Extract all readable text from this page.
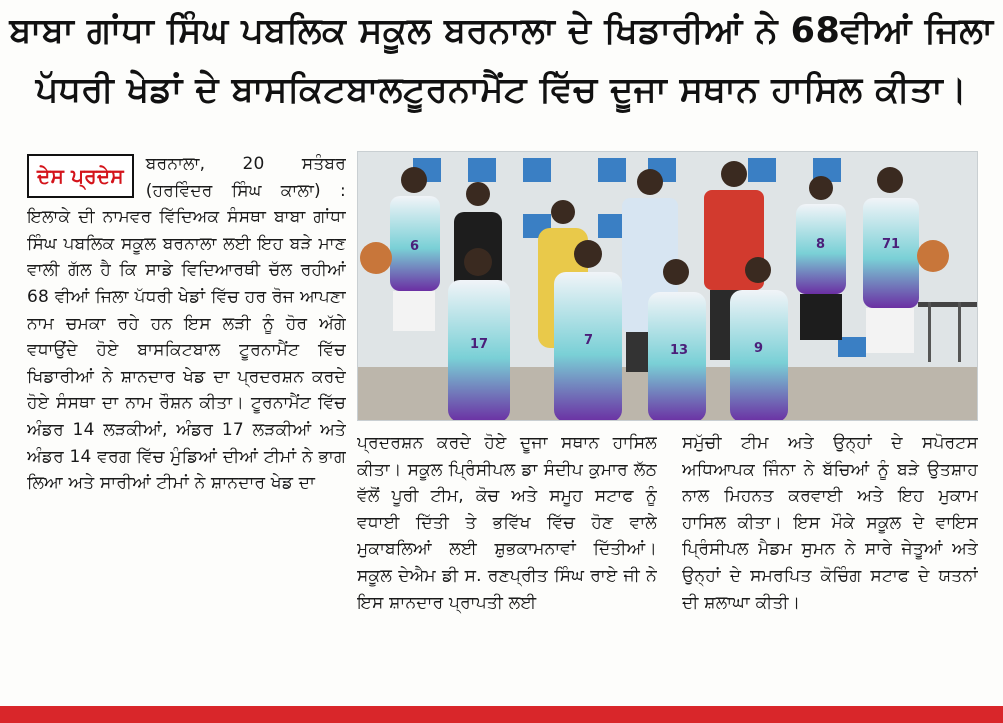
ਬਾਬਾ ਗਾਂਧਾ ਸਿੰਘ ਪਬਲਿਕ ਸਕੂਲ ਬਰਨਾਲਾ ਦੇ ਖਿਡਾਰੀਆਂ ਨੇ 68ਵੀਆਂ ਜਿਲਾ
ਪੱਧਰੀ ਖੇਡਾਂ ਦੇ ਬਾਸਕਿਟਬਾਲਟੂਰਨਾਮੈਂਟ ਵਿੱਚ ਦੂਜਾ ਸਥਾਨ ਹਾਸਿਲ ਕੀਤਾ।
ਦੇਸ ਪ੍ਰਦੇਸ	ਬਰਨਾਲਾ, 20 ਸਤੰਬਰ (ਹਰਵਿੰਦਰ ਸਿੰਘ ਕਾਲਾ) : ਇਲਾਕੇ ਦੀ ਨਾਮਵਰ ਵਿੱਦਿਅਕ ਸੰਸਥਾ ਬਾਬਾ ਗਾਂਧਾ ਸਿੰਘ ਪਬਲਿਕ ਸਕੂਲ ਬਰਨਾਲਾ ਲਈ ਇਹ ਬੜੇ ਮਾਣ ਵਾਲੀ ਗੱਲ ਹੈ ਕਿ ਸਾਡੇ ਵਿਦਿਆਰਥੀ ਚੱਲ ਰਹੀਆਂ 68 ਵੀਆਂ ਜਿਲਾ ਪੱਧਰੀ ਖੇਡਾਂ ਵਿੱਚ ਹਰ ਰੋਜ ਆਪਣਾ ਨਾਮ ਚਮਕਾ ਰਹੇ ਹਨ ਇਸ ਲੜੀ ਨੂੰ ਹੋਰ ਅੱਗੇ ਵਧਾਉਂਦੇ ਹੋਏ ਬਾਸਕਿਟਬਾਲ ਟੂਰਨਾਮੈਂਟ ਵਿੱਚ ਖਿਡਾਰੀਆਂ ਨੇ ਸ਼ਾਨਦਾਰ ਖੇਡ ਦਾ ਪ੍ਰਦਰਸ਼ਨ ਕਰਦੇ ਹੋਏ ਸੰਸਥਾ ਦਾ ਨਾਮ ਰੌਸ਼ਨ ਕੀਤਾ। ਟੂਰਨਾਮੈਂਟ ਵਿੱਚ ਅੰਡਰ 14 ਲੜਕੀਆਂ, ਅੰਡਰ 17 ਲੜਕੀਆਂ ਅਤੇ ਅੰਡਰ 14 ਵਰਗ ਵਿੱਚ ਮੁੰਡਿਆਂ ਦੀਆਂ ਟੀਮਾਂ ਨੇ ਭਾਗ ਲਿਆ ਅਤੇ ਸਾਰੀਆਂ ਟੀਮਾਂ ਨੇ ਸ਼ਾਨਦਾਰ ਖੇਡ ਦਾ

6
17	7
13	9
8	71

ਪ੍ਰਦਰਸ਼ਨ ਕਰਦੇ ਹੋਏ ਦੂਜਾ ਸਥਾਨ ਹਾਸਿਲ ਕੀਤਾ। ਸਕੂਲ ਪ੍ਰਿੰਸੀਪਲ ਡਾ ਸੰਦੀਪ ਕੁਮਾਰ ਲੱਠ ਵੱਲੋਂ ਪੂਰੀ ਟੀਮ, ਕੋਚ ਅਤੇ ਸਮੂਹ ਸਟਾਫ ਨੂੰ ਵਧਾਈ ਦਿੱਤੀ ਤੇ ਭਵਿੱਖ ਵਿੱਚ ਹੋਣ ਵਾਲੇ ਮੁਕਾਬਲਿਆਂ ਲਈ ਸ਼ੁਭਕਾਮਨਾਵਾਂ ਦਿੱਤੀਆਂ। ਸਕੂਲ ਦੇਐਮ ਡੀ ਸ. ਰਣਪ੍ਰੀਤ ਸਿੰਘ ਰਾਏ ਜੀ ਨੇ ਇਸ ਸ਼ਾਨਦਾਰ ਪ੍ਰਾਪਤੀ ਲਈ

ਸਮੁੱਚੀ ਟੀਮ ਅਤੇ ਉਨ੍ਹਾਂ ਦੇ ਸਪੋਰਟਸ ਅਧਿਆਪਕ ਜਿੰਨਾ ਨੇ ਬੱਚਿਆਂ ਨੂੰ ਬੜੇ ਉਤਸ਼ਾਹ ਨਾਲ ਮਿਹਨਤ ਕਰਵਾਈ ਅਤੇ ਇਹ ਮੁਕਾਮ ਹਾਸਿਲ ਕੀਤਾ। ਇਸ ਮੌਕੇ ਸਕੂਲ ਦੇ ਵਾਇਸ ਪ੍ਰਿੰਸੀਪਲ ਮੈਡਮ ਸੁਮਨ ਨੇ ਸਾਰੇ ਜੇਤੂਆਂ ਅਤੇ ਉਨ੍ਹਾਂ ਦੇ ਸਮਰਪਿਤ ਕੋਚਿੰਗ ਸਟਾਫ ਦੇ ਯਤਨਾਂ ਦੀ ਸ਼ਲਾਘਾ ਕੀਤੀ।
